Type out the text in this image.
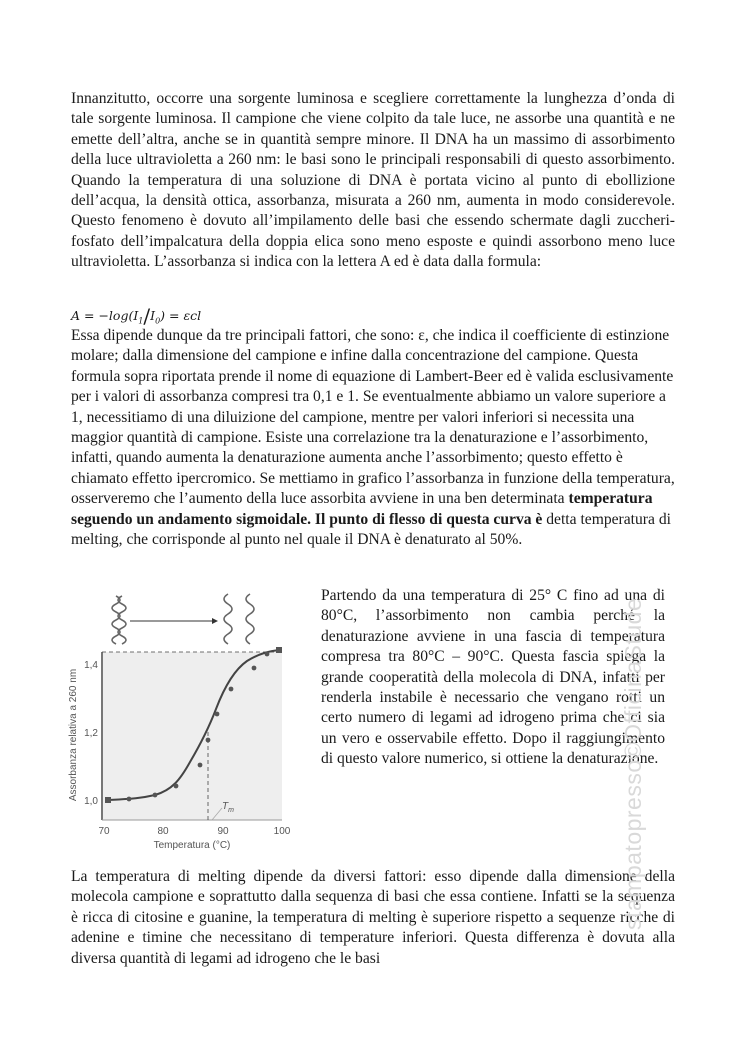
Innanzitutto, occorre una sorgente luminosa e scegliere correttamente la lunghezza d’onda di tale sorgente luminosa. Il campione che viene colpito da tale luce, ne assorbe una quantità e ne emette dell’altra, anche se in quantità sempre minore. Il DNA ha un massimo di assorbimento della luce ultravioletta a 260 nm: le basi sono le principali responsabili di questo assorbimento. Quando la temperatura di una soluzione di DNA è portata vicino al punto di ebollizione dell’acqua, la densità ottica, assorbanza, misurata a 260 nm, aumenta in modo considerevole. Questo fenomeno è dovuto all’impilamento delle basi che essendo schermate dagli zuccheri-fosfato dell’impalcatura della doppia elica sono meno esposte e quindi assorbono meno luce ultravioletta. L’assorbanza si indica con la lettera A ed è data dalla formula:

$A = -\log(I_1/I_0) = \varepsilon cl$

Essa dipende dunque da tre principali fattori, che sono: ε, che indica il coefficiente di estinzione molare; dalla dimensione del campione e infine dalla concentrazione del campione. Questa formula sopra riportata prende il nome di equazione di Lambert-Beer ed è valida esclusivamente per i valori di assorbanza compresi tra 0,1 e 1. Se eventualmente abbiamo un valore superiore a 1, necessitiamo di una diluizione del campione, mentre per valori inferiori si necessita una maggior quantità di campione. Esiste una correlazione tra la denaturazione e l’assorbimento, infatti, quando aumenta la denaturazione aumenta anche l’assorbimento; questo effetto è chiamato effetto ipercromico. Se mettiamo in grafico l’assorbanza in funzione della temperatura, osserveremo che l’aumento della luce assorbita avviene in una ben determinata temperatura seguendo un andamento sigmoidale. Il punto di flesso di questa curva è detta temperatura di melting, che corrisponde al punto nel quale il DNA è denaturato al 50%.

$T_m$
1,4
1,2
1,0
70	80	90	100
Temperatura (°C)
Assorbanza relativa a 260 nm

Partendo da una temperatura di 25° C fino ad una di 80°C, l’assorbimento non cambia perché la denaturazione avviene in una fascia di temperatura compresa tra 80°C – 90°C. Questa fascia spiega la grande cooperatità della molecola di DNA, infatti per renderla instabile è necessario che vengano rotti un certo numero di legami ad idrogeno prima che ci sia un vero e osservabile effetto. Dopo il raggiungimento di questo valore numerico, si ottiene la denaturazione.

La temperatura di melting dipende da diversi fattori: esso dipende dalla dimensione della molecola campione e soprattutto dalla sequenza di basi che essa contiene. Infatti se la sequenza è ricca di citosine e guanine, la temperatura di melting è superiore rispetto a sequenze ricche di adenine e timine che necessitano di temperature inferiori. Questa differenza è dovuta alla diversa quantità di legami ad idrogeno che le basi

stampatopresso©OfficinaStude
